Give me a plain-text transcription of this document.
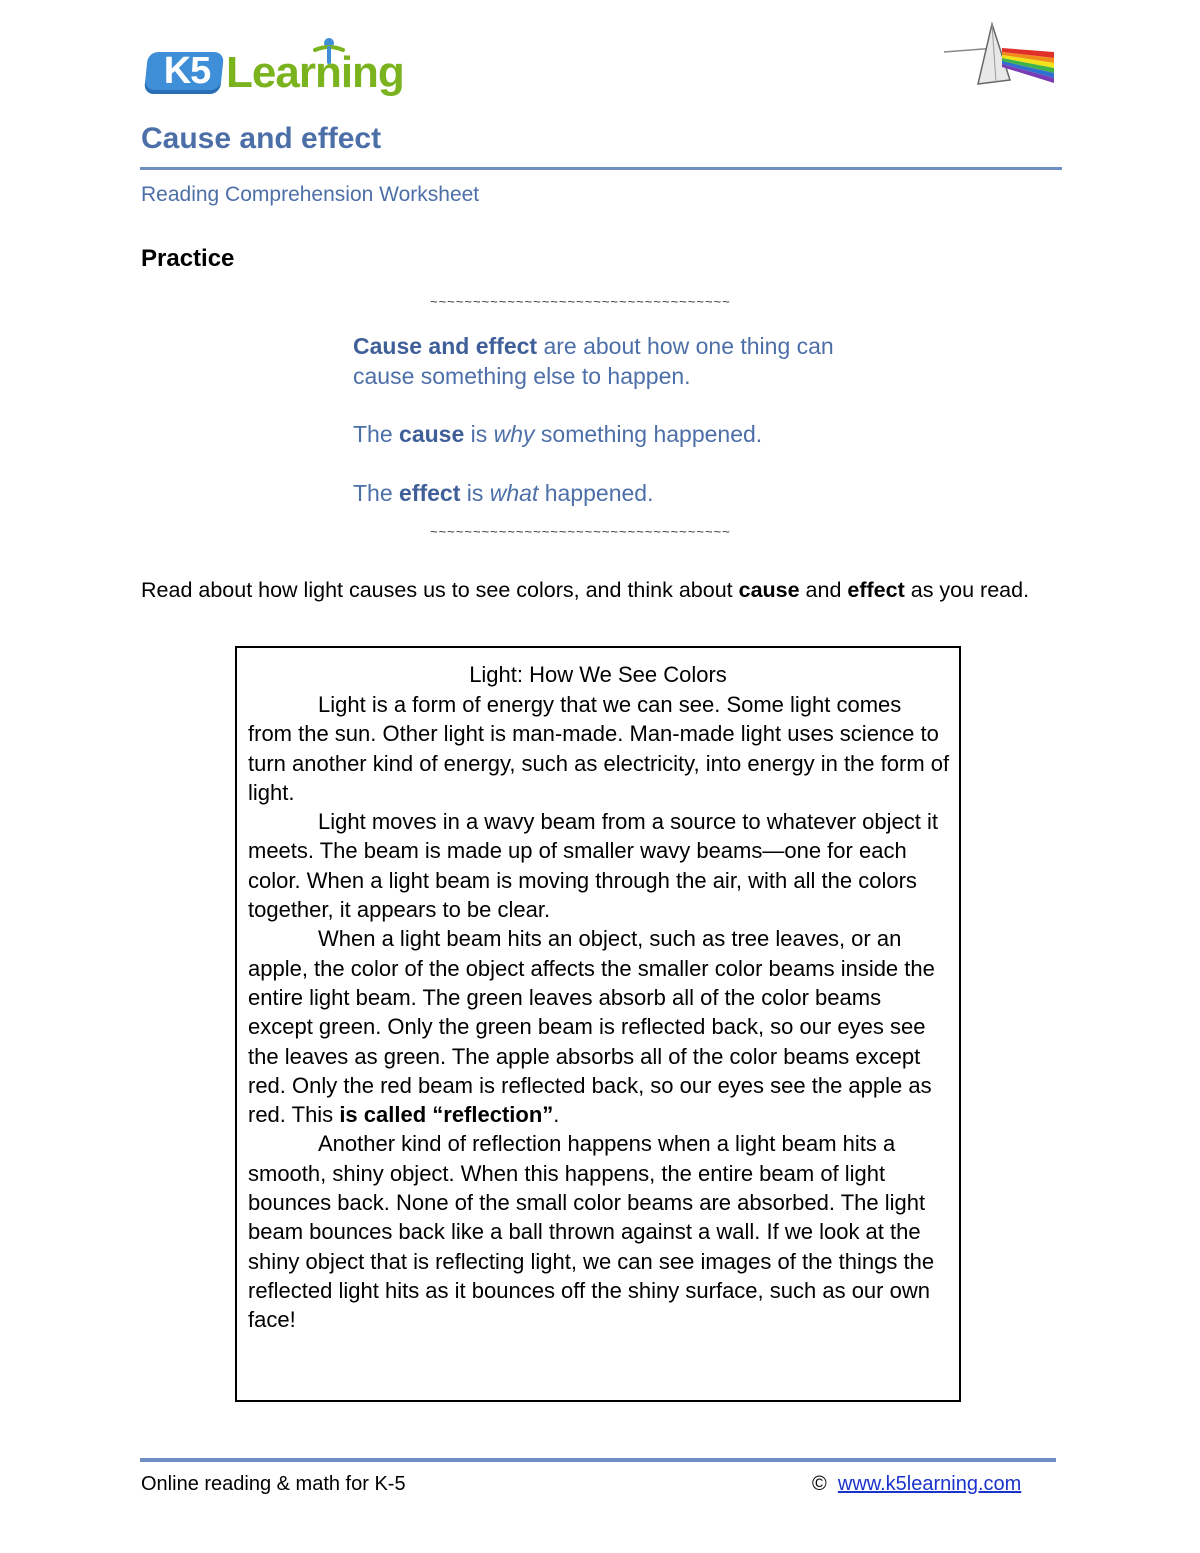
K5 Learning
Cause and effect
Reading Comprehension Worksheet
Practice
~~~~~~~~~~~~~~~~~~~~~~~~~~~~~~~~~~~
Cause and effect are about how one thing can cause something else to happen.
The cause is why something happened.
The effect is what happened.
~~~~~~~~~~~~~~~~~~~~~~~~~~~~~~~~~~~
Read about how light causes us to see colors, and think about cause and effect as you read.
Light: How We See Colors

Light is a form of energy that we can see. Some light comes from the sun. Other light is man-made. Man-made light uses science to turn another kind of energy, such as electricity, into energy in the form of light.

Light moves in a wavy beam from a source to whatever object it meets. The beam is made up of smaller wavy beams—one for each color. When a light beam is moving through the air, with all the colors together, it appears to be clear.

When a light beam hits an object, such as tree leaves, or an apple, the color of the object affects the smaller color beams inside the entire light beam. The green leaves absorb all of the color beams except green. Only the green beam is reflected back, so our eyes see the leaves as green. The apple absorbs all of the color beams except red. Only the red beam is reflected back, so our eyes see the apple as red. This is called “reflection”.

Another kind of reflection happens when a light beam hits a smooth, shiny object. When this happens, the entire beam of light bounces back. None of the small color beams are absorbed. The light beam bounces back like a ball thrown against a wall. If we look at the shiny object that is reflecting light, we can see images of the things the reflected light hits as it bounces off the shiny surface, such as our own face!

Online reading & math for K-5	© www.k5learning.com
